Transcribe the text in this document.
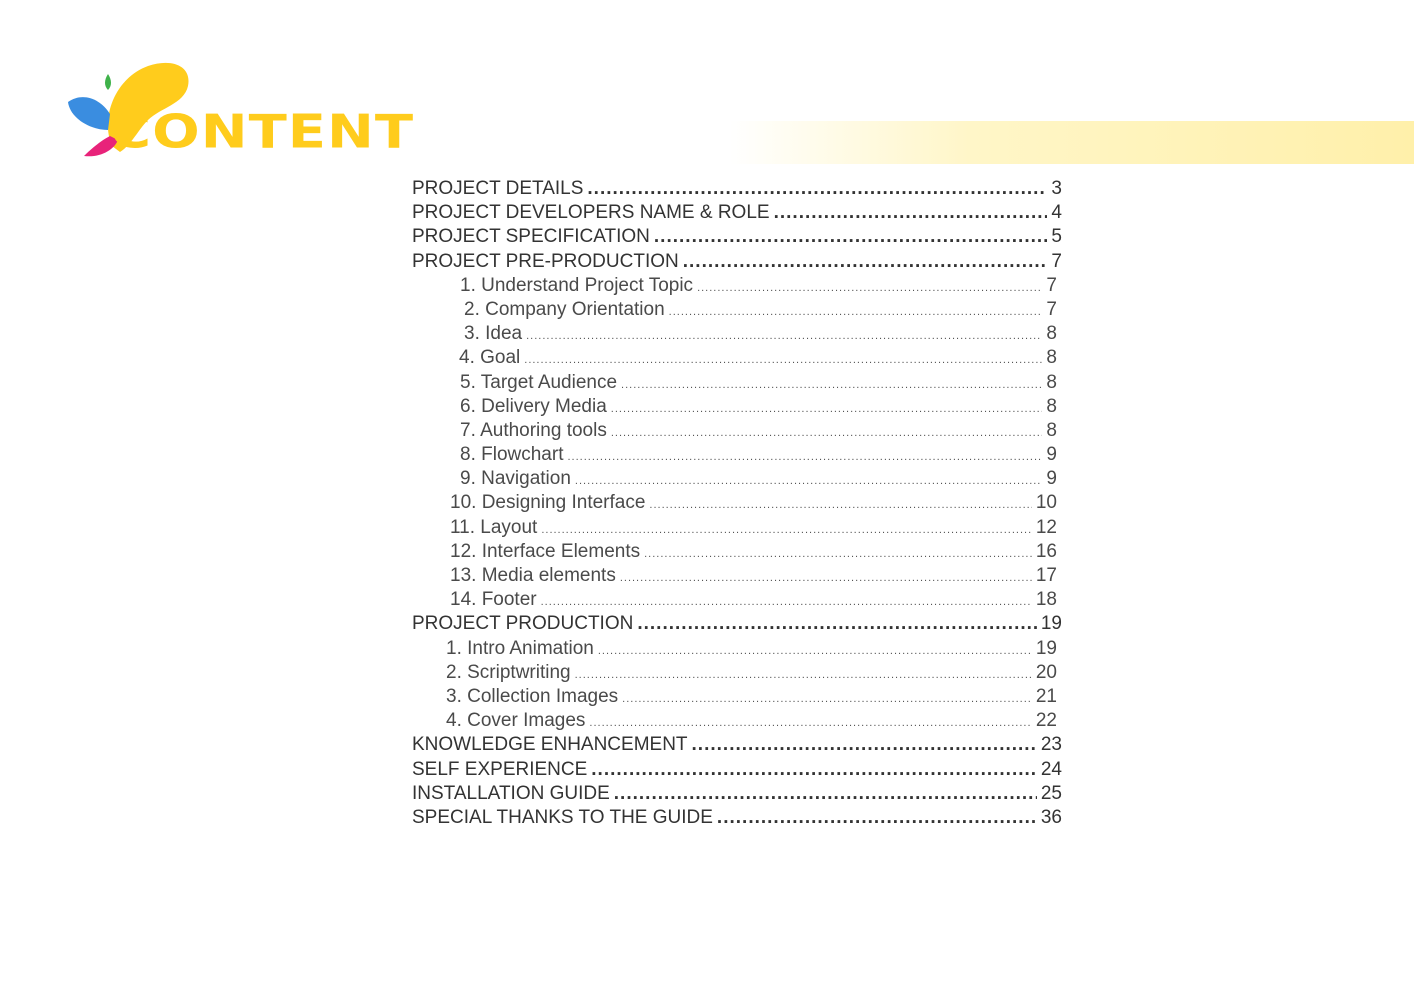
CONTENT
PROJECT DETAILS .....	3
PROJECT DEVELOPERS NAME & ROLE .....	4
PROJECT SPECIFICATION .....	5
PROJECT PRE-PRODUCTION .....	7
1. Understand Project Topic .....	7
2. Company Orientation .....	7
3. Idea .....	8
4. Goal .....	8
5. Target Audience .....	8
6. Delivery Media .....	8
7. Authoring tools .....	8
8. Flowchart .....	9
9. Navigation .....	9
10. Designing Interface .....	10
11. Layout .....	12
12. Interface Elements .....	16
13. Media elements .....	17
14. Footer .....	18
PROJECT PRODUCTION .....	19
1. Intro Animation .....	19
2. Scriptwriting .....	20
3. Collection Images .....	21
4. Cover Images .....	22
KNOWLEDGE ENHANCEMENT .....	23
SELF EXPERIENCE .....	24
INSTALLATION GUIDE .....	25
SPECIAL THANKS TO THE GUIDE .....	36
